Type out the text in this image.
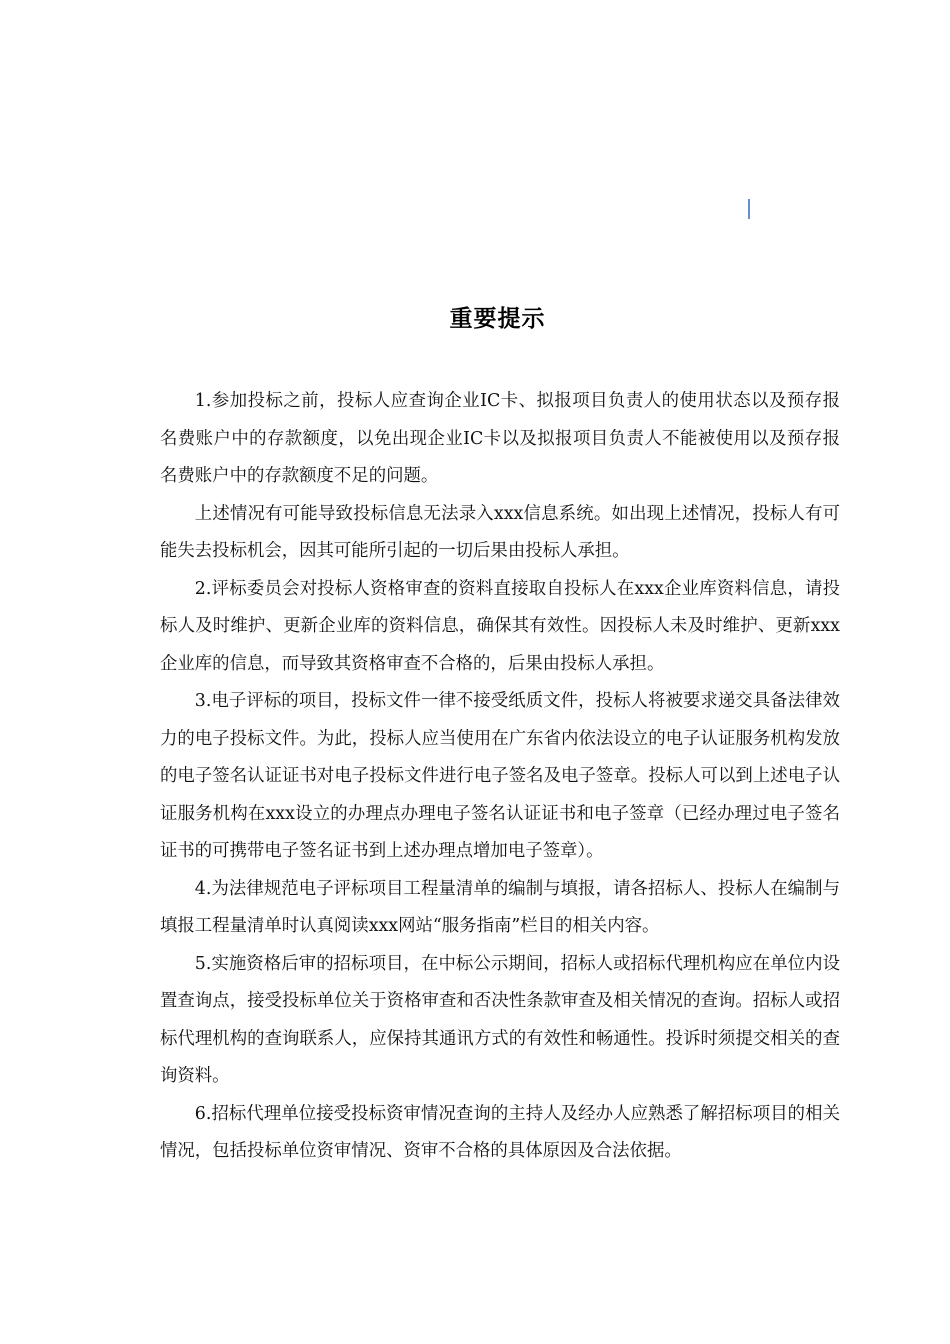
重要提示

1.参加投标之前，投标人应查询企业IC卡、拟报项目负责人的使用状态以及预存报名费账户中的存款额度，以免出现企业IC卡以及拟报项目负责人不能被使用以及预存报名费账户中的存款额度不足的问题。

上述情况有可能导致投标信息无法录入xxx信息系统。如出现上述情况，投标人有可能失去投标机会，因其可能所引起的一切后果由投标人承担。

2.评标委员会对投标人资格审查的资料直接取自投标人在xxx企业库资料信息，请投标人及时维护、更新企业库的资料信息，确保其有效性。因投标人未及时维护、更新xxx企业库的信息，而导致其资格审查不合格的，后果由投标人承担。

3.电子评标的项目，投标文件一律不接受纸质文件，投标人将被要求递交具备法律效力的电子投标文件。为此，投标人应当使用在广东省内依法设立的电子认证服务机构发放的电子签名认证证书对电子投标文件进行电子签名及电子签章。投标人可以到上述电子认证服务机构在xxx设立的办理点办理电子签名认证证书和电子签章（已经办理过电子签名证书的可携带电子签名证书到上述办理点增加电子签章）。

4.为法律规范电子评标项目工程量清单的编制与填报，请各招标人、投标人在编制与填报工程量清单时认真阅读xxx网站“服务指南”栏目的相关内容。

5.实施资格后审的招标项目，在中标公示期间，招标人或招标代理机构应在单位内设置查询点，接受投标单位关于资格审查和否决性条款审查及相关情况的查询。招标人或招标代理机构的查询联系人，应保持其通讯方式的有效性和畅通性。投诉时须提交相关的查询资料。

6.招标代理单位接受投标资审情况查询的主持人及经办人应熟悉了解招标项目的相关情况，包括投标单位资审情况、资审不合格的具体原因及合法依据。
